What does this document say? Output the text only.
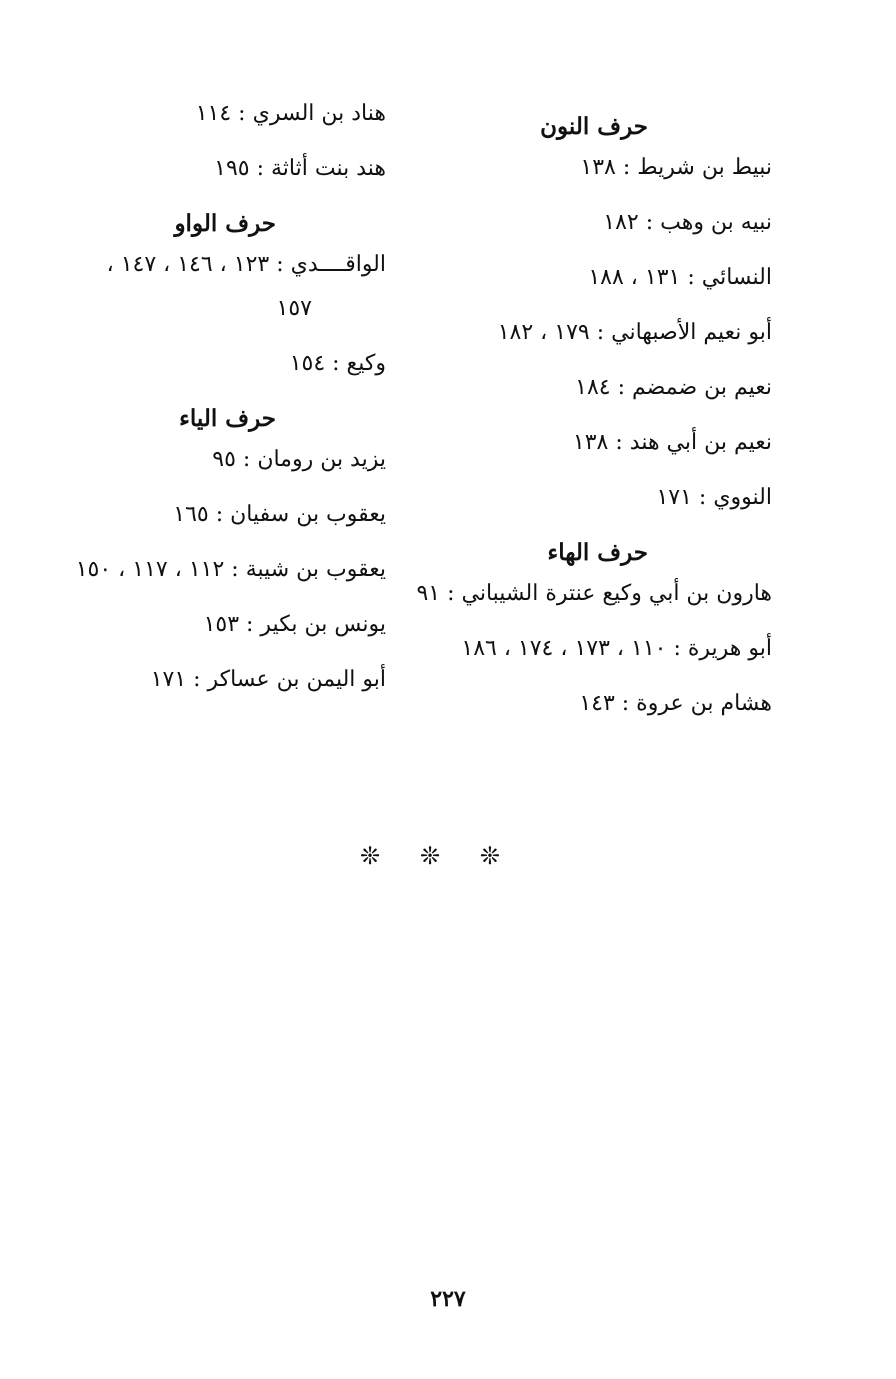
حرف النون
نبيط بن شريط : ١٣٨
نبيه بن وهب : ١٨٢
النسائي : ١٣١ ، ١٨٨
أبو نعيم الأصبهاني : ١٧٩ ، ١٨٢
نعيم بن ضمضم : ١٨٤
نعيم بن أبي هند : ١٣٨
النووي : ١٧١
حرف الهاء
هارون بن أبي وكيع عنترة الشيباني : ٩١
أبو هريرة : ١١٠ ، ١٧٣ ، ١٧٤ ، ١٨٦
هشام بن عروة : ١٤٣
هناد بن السري : ١١٤
هند بنت أثاثة : ١٩٥
حرف الواو
الواقــــدي : ١٢٣ ، ١٤٦ ، ١٤٧ ،
١٥٧
وكيع : ١٥٤
حرف الياء
يزيد بن رومان : ٩٥
يعقوب بن سفيان : ١٦٥
يعقوب بن شيبة : ١١٢ ، ١١٧ ، ١٥٠
يونس بن بكير : ١٥٣
أبو اليمن بن عساكر : ١٧١
❊ ❊ ❊
٢٢٧
